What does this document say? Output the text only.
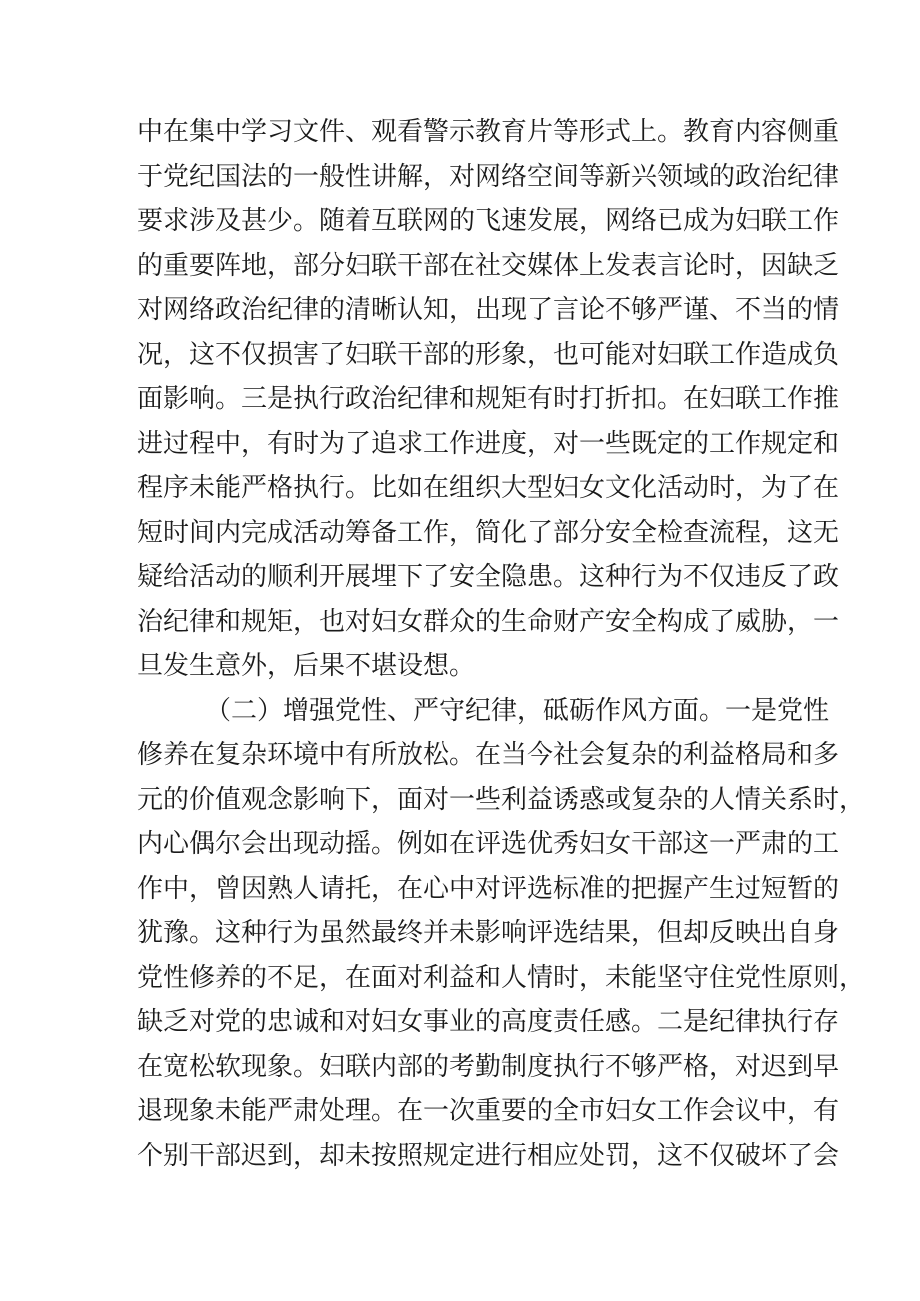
中在集中学习文件、观看警示教育片等形式上。教育内容侧重
于党纪国法的一般性讲解，对网络空间等新兴领域的政治纪律
要求涉及甚少。随着互联网的飞速发展，网络已成为妇联工作
的重要阵地，部分妇联干部在社交媒体上发表言论时，因缺乏
对网络政治纪律的清晰认知，出现了言论不够严谨、不当的情
况，这不仅损害了妇联干部的形象，也可能对妇联工作造成负
面影响。三是执行政治纪律和规矩有时打折扣。在妇联工作推
进过程中，有时为了追求工作进度，对一些既定的工作规定和
程序未能严格执行。比如在组织大型妇女文化活动时，为了在
短时间内完成活动筹备工作，简化了部分安全检查流程，这无
疑给活动的顺利开展埋下了安全隐患。这种行为不仅违反了政
治纪律和规矩，也对妇女群众的生命财产安全构成了威胁，一
旦发生意外，后果不堪设想。
（二）增强党性、严守纪律，砥砺作风方面。一是党性
修养在复杂环境中有所放松。在当今社会复杂的利益格局和多
元的价值观念影响下，面对一些利益诱惑或复杂的人情关系时，
内心偶尔会出现动摇。例如在评选优秀妇女干部这一严肃的工
作中，曾因熟人请托，在心中对评选标准的把握产生过短暂的
犹豫。这种行为虽然最终并未影响评选结果，但却反映出自身
党性修养的不足，在面对利益和人情时，未能坚守住党性原则，
缺乏对党的忠诚和对妇女事业的高度责任感。二是纪律执行存
在宽松软现象。妇联内部的考勤制度执行不够严格，对迟到早
退现象未能严肃处理。在一次重要的全市妇女工作会议中，有
个别干部迟到，却未按照规定进行相应处罚，这不仅破坏了会
